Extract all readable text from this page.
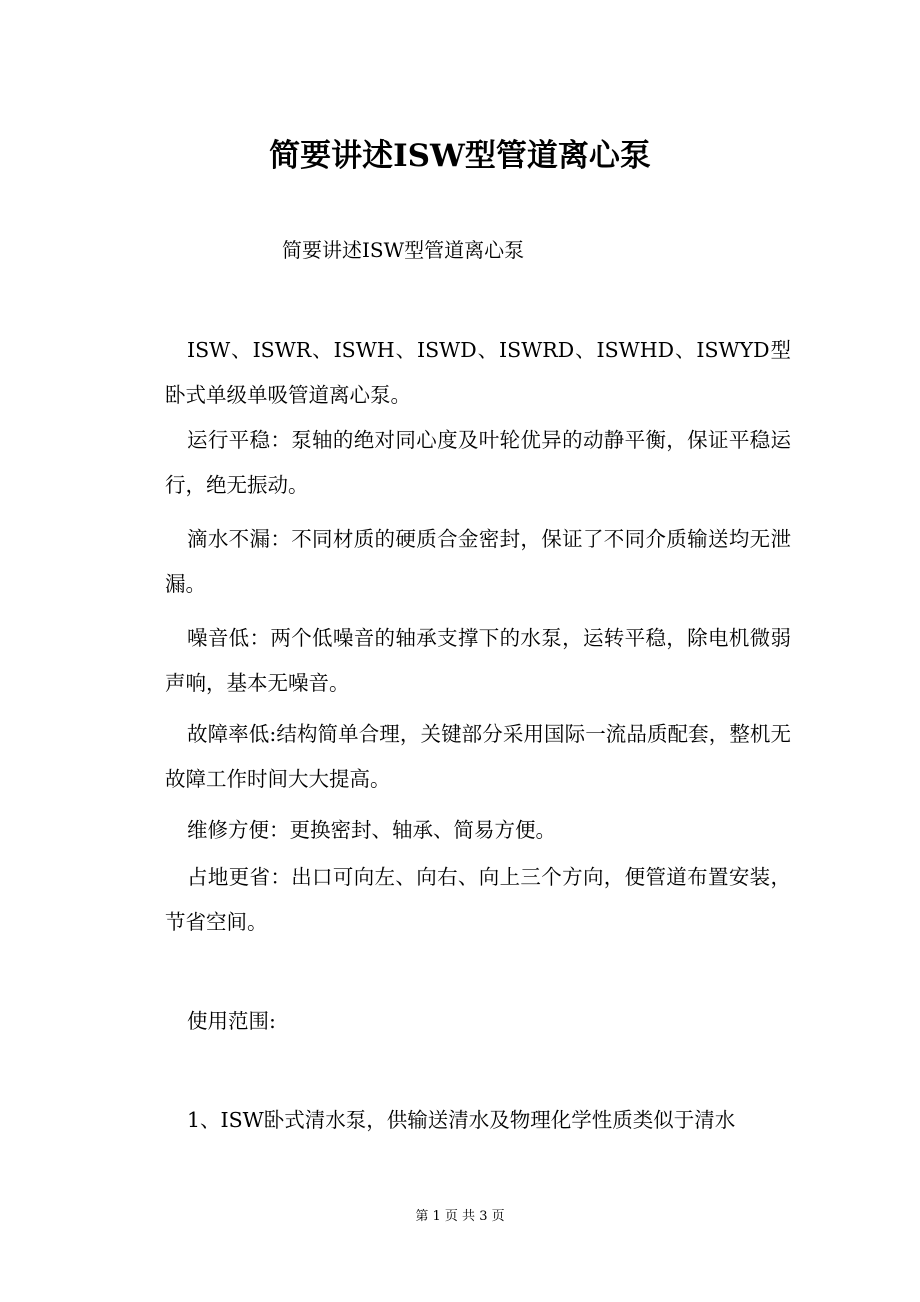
简要讲述ISW型管道离心泵
简要讲述ISW型管道离心泵

ISW、ISWR、ISWH、ISWD、ISWRD、ISWHD、ISWYD型卧式单级单吸管道离心泵。

运行平稳：泵轴的绝对同心度及叶轮优异的动静平衡，保证平稳运行，绝无振动。

滴水不漏：不同材质的硬质合金密封，保证了不同介质输送均无泄漏。

噪音低：两个低噪音的轴承支撑下的水泵，运转平稳，除电机微弱声响，基本无噪音。

故障率低:结构简单合理，关键部分采用国际一流品质配套，整机无故障工作时间大大提高。

维修方便：更换密封、轴承、简易方便。

占地更省：出口可向左、向右、向上三个方向，便管道布置安装，节省空间。

使用范围:

1、ISW卧式清水泵，供输送清水及物理化学性质类似于清水

第 1 页 共 3 页
